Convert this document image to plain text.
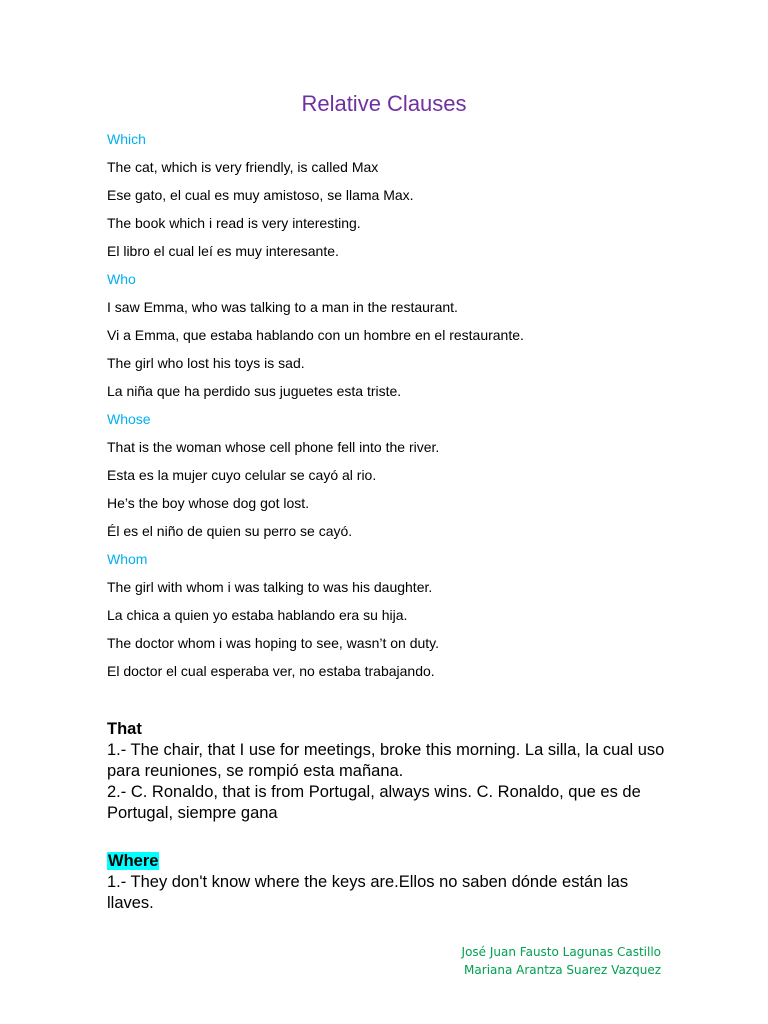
Relative Clauses
Which
The cat, which is very friendly, is called Max
Ese gato, el cual es muy amistoso, se llama Max.
The book which i read is very interesting.
El libro el cual leí es muy interesante.
Who
I saw Emma, who was talking to a man in the restaurant.
Vi a Emma, que estaba hablando con un hombre en el restaurante.
The girl who lost his toys is sad.
La niña que ha perdido sus juguetes esta triste.
Whose
That is the woman whose cell phone fell into the river.
Esta es la mujer cuyo celular se cayó al rio.
He’s the boy whose dog got lost.
Él es el niño de quien su perro se cayó.
Whom
The girl with whom i was talking to was his daughter.
La chica a quien yo estaba hablando era su hija.
The doctor whom i was hoping to see, wasn’t on duty.
El doctor el cual esperaba ver, no estaba trabajando.
That
1.- The chair, that I use for meetings, broke this morning. La silla, la cual uso para reuniones, se rompió esta mañana.
2.- C. Ronaldo, that is from Portugal, always wins. C. Ronaldo, que es de Portugal, siempre gana
Where
1.- They don't know where the keys are.Ellos no saben dónde están las llaves.
José Juan Fausto Lagunas Castillo
Mariana Arantza Suarez Vazquez
